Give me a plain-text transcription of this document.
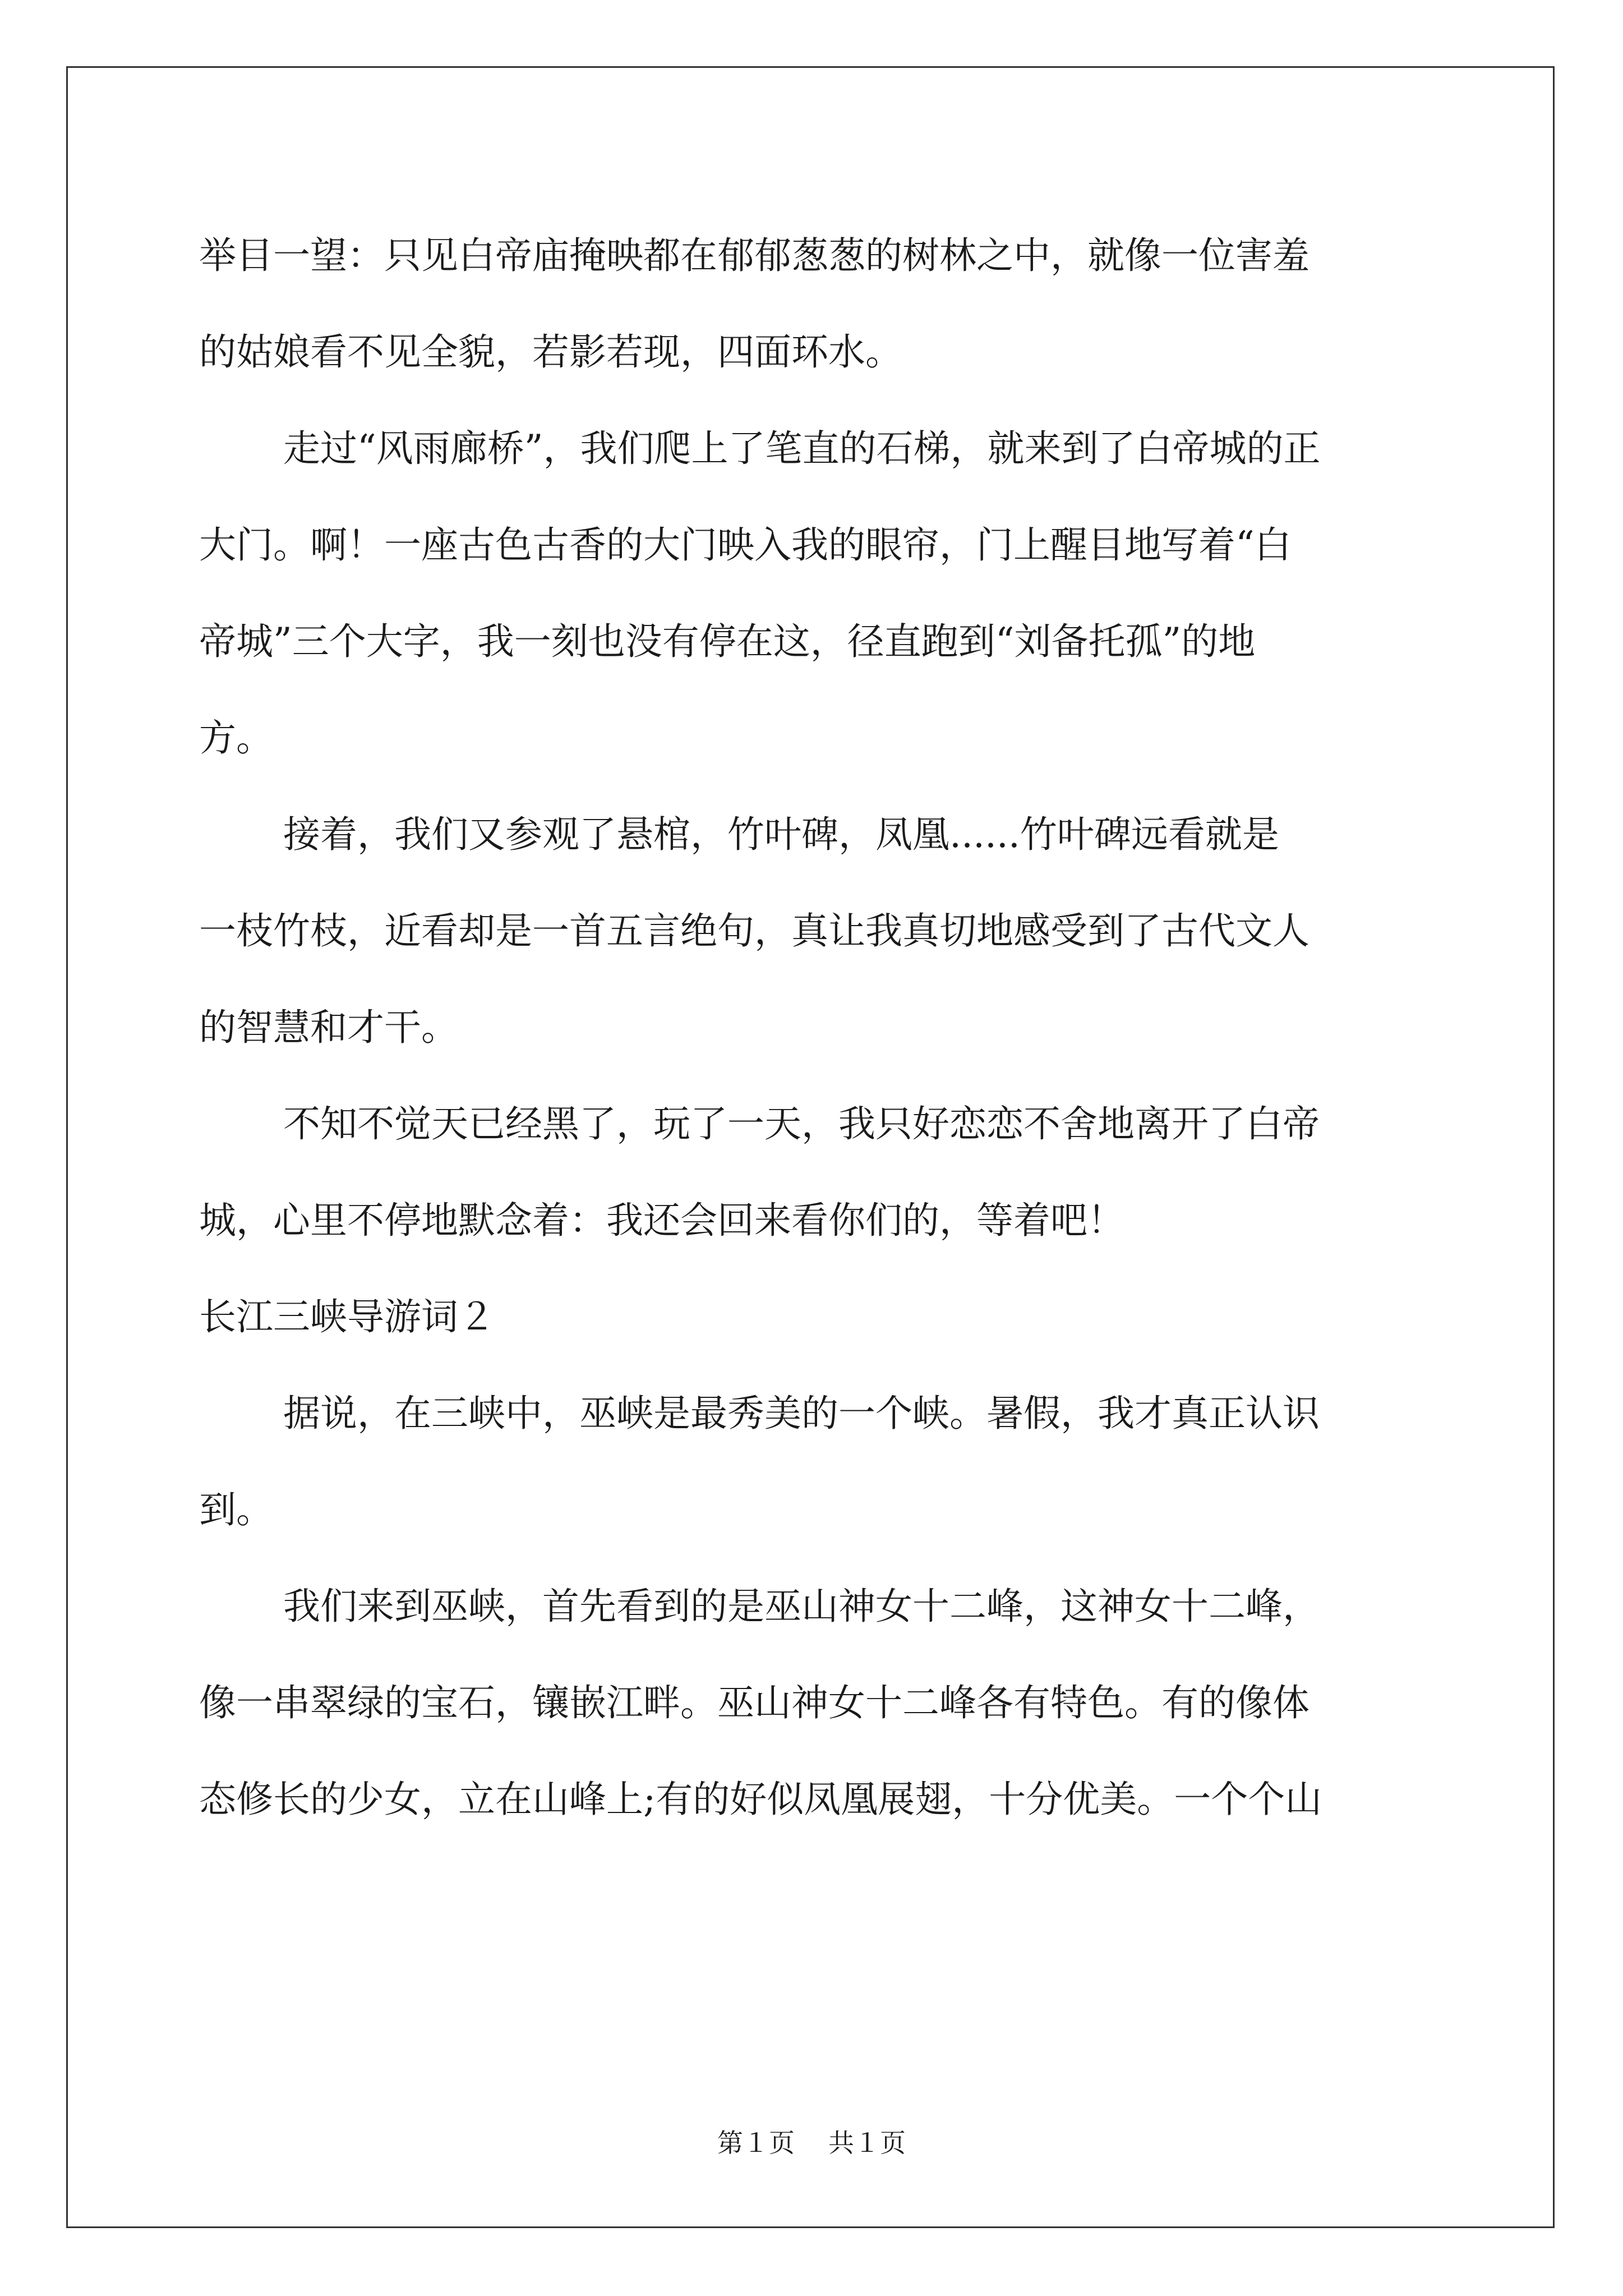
举目一望：只见白帝庙掩映都在郁郁葱葱的树林之中，就像一位害羞
的姑娘看不见全貌，若影若现，四面环水。
走过“风雨廊桥”，我们爬上了笔直的石梯，就来到了白帝城的正
大门。啊！一座古色古香的大门映入我的眼帘，门上醒目地写着“白
帝城”三个大字，我一刻也没有停在这，径直跑到“刘备托孤”的地
方。
接着，我们又参观了悬棺，竹叶碑，凤凰......竹叶碑远看就是
一枝竹枝，近看却是一首五言绝句，真让我真切地感受到了古代文人
的智慧和才干。
不知不觉天已经黑了，玩了一天，我只好恋恋不舍地离开了白帝
城，心里不停地默念着：我还会回来看你们的，等着吧！
长江三峡导游词２
据说，在三峡中，巫峡是最秀美的一个峡。暑假，我才真正认识
到。
我们来到巫峡，首先看到的是巫山神女十二峰，这神女十二峰，
像一串翠绿的宝石，镶嵌江畔。巫山神女十二峰各有特色。有的像体
态修长的少女，立在山峰上;有的好似凤凰展翅，十分优美。一个个山
第１页 共１页
